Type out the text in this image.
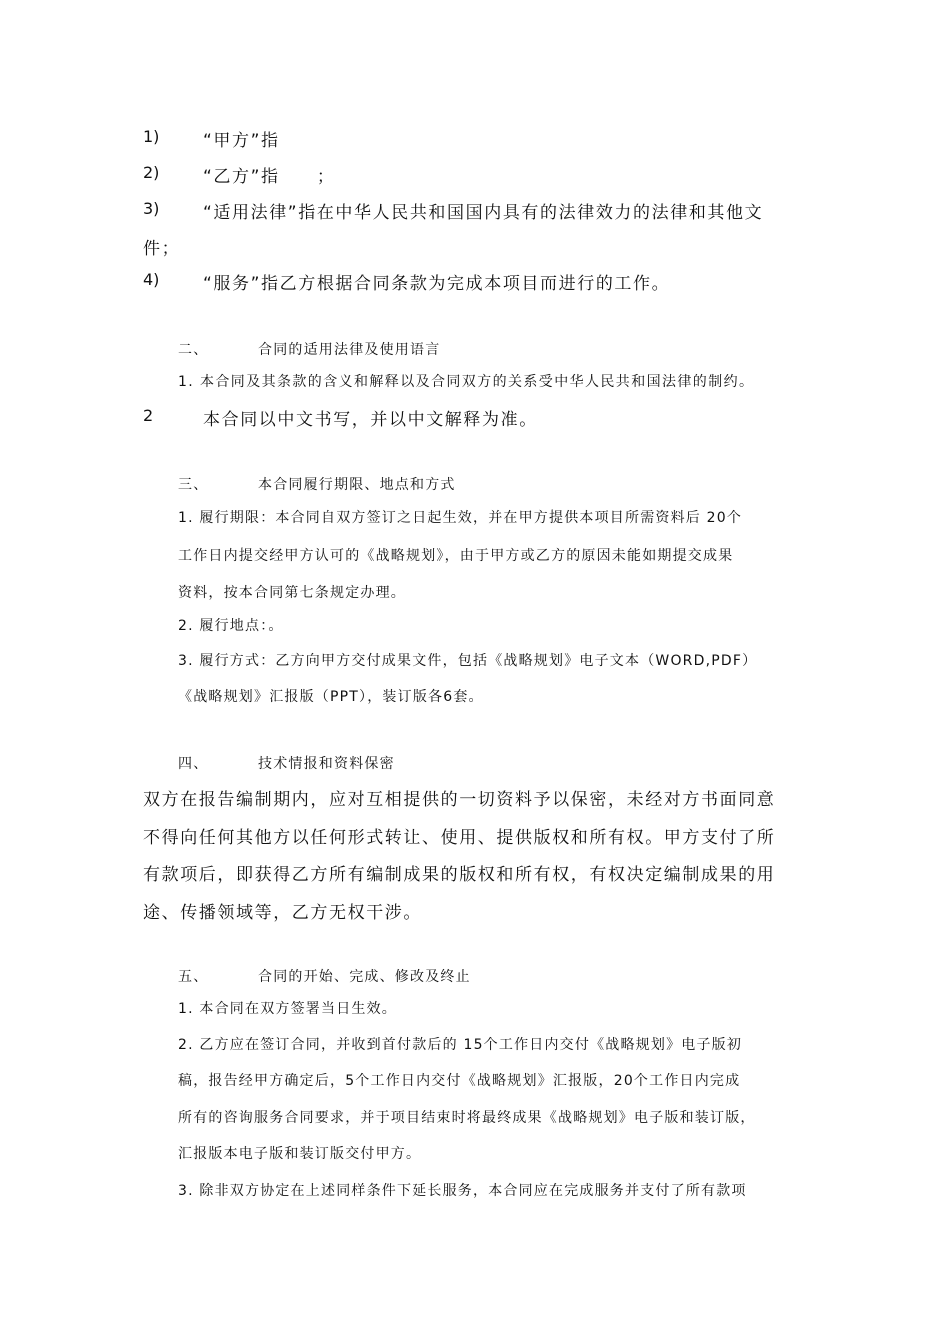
1)	“甲方”指
2)	“乙方”指　　；
3)	“适用法律”指在中华人民共和国国内具有的法律效力的法律和其他文
件；
4)	“服务”指乙方根据合同条款为完成本项目而进行的工作。
二、	合同的适用法律及使用语言
1. 本合同及其条款的含义和解释以及合同双方的关系受中华人民共和国法律的制约。
2	本合同以中文书写，并以中文解释为准。
三、	本合同履行期限、地点和方式
1. 履行期限：本合同自双方签订之日起生效，并在甲方提供本项目所需资料后 20个
工作日内提交经甲方认可的《战略规划》，由于甲方或乙方的原因未能如期提交成果
资料，按本合同第七条规定办理。
2. 履行地点：。
3. 履行方式：乙方向甲方交付成果文件，包括《战略规划》电子文本（WORD,PDF）
《战略规划》汇报版（PPT），装订版各6套。
四、	技术情报和资料保密
双方在报告编制期内，应对互相提供的一切资料予以保密，未经对方书面同意
不得向任何其他方以任何形式转让、使用、提供版权和所有权。甲方支付了所
有款项后，即获得乙方所有编制成果的版权和所有权，有权决定编制成果的用
途、传播领域等，乙方无权干涉。
五、	合同的开始、完成、修改及终止
1. 本合同在双方签署当日生效。
2. 乙方应在签订合同，并收到首付款后的 15个工作日内交付《战略规划》电子版初
稿，报告经甲方确定后，5个工作日内交付《战略规划》汇报版，20个工作日内完成
所有的咨询服务合同要求，并于项目结束时将最终成果《战略规划》电子版和装订版，
汇报版本电子版和装订版交付甲方。
3. 除非双方协定在上述同样条件下延长服务，本合同应在完成服务并支付了所有款项
